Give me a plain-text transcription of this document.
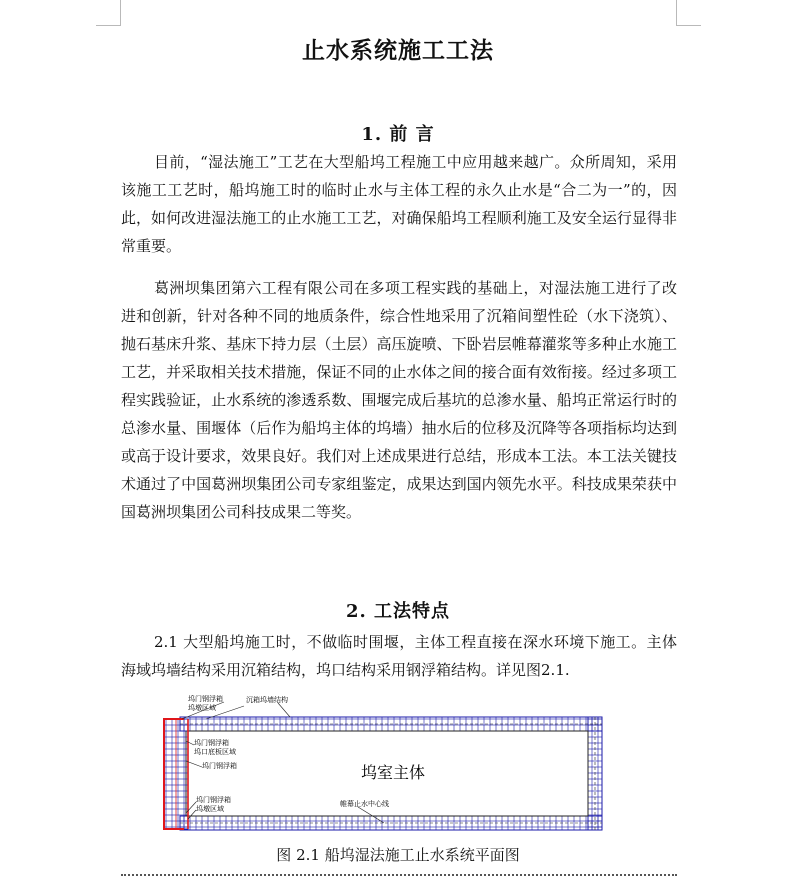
止水系统施工工法
1. 前 言

目前，“湿法施工”工艺在大型船坞工程施工中应用越来越广。众所周知，采用该施工工艺时，船坞施工时的临时止水与主体工程的永久止水是“合二为一”的，因此，如何改进湿法施工的止水施工工艺，对确保船坞工程顺利施工及安全运行显得非常重要。

葛洲坝集团第六工程有限公司在多项工程实践的基础上，对湿法施工进行了改进和创新，针对各种不同的地质条件，综合性地采用了沉箱间塑性砼（水下浇筑）、抛石基床升浆、基床下持力层（土层）高压旋喷、下卧岩层帷幕灌浆等多种止水施工工艺，并采取相关技术措施，保证不同的止水体之间的接合面有效衔接。经过多项工程实践验证，止水系统的渗透系数、围堰完成后基坑的总渗水量、船坞正常运行时的总渗水量、围堰体（后作为船坞主体的坞墙）抽水后的位移及沉降等各项指标均达到或高于设计要求，效果良好。我们对上述成果进行总结，形成本工法。本工法关键技术通过了中国葛洲坝集团公司专家组鉴定，成果达到国内领先水平。科技成果荣获中国葛洲坝集团公司科技成果二等奖。

2. 工法特点

2.1 大型船坞施工时，不做临时围堰，主体工程直接在深水环境下施工。主体海域坞墙结构采用沉箱结构，坞口结构采用钢浮箱结构。详见图2.1.

坞门钢浮箱
坞墩区域
沉箱坞墙结构
坞门钢浮箱
坞口底板区域
坞门钢浮箱	坞室主体
坞门钢浮箱
坞墩区域
帷幕止水中心线
图 2.1 船坞湿法施工止水系统平面图
